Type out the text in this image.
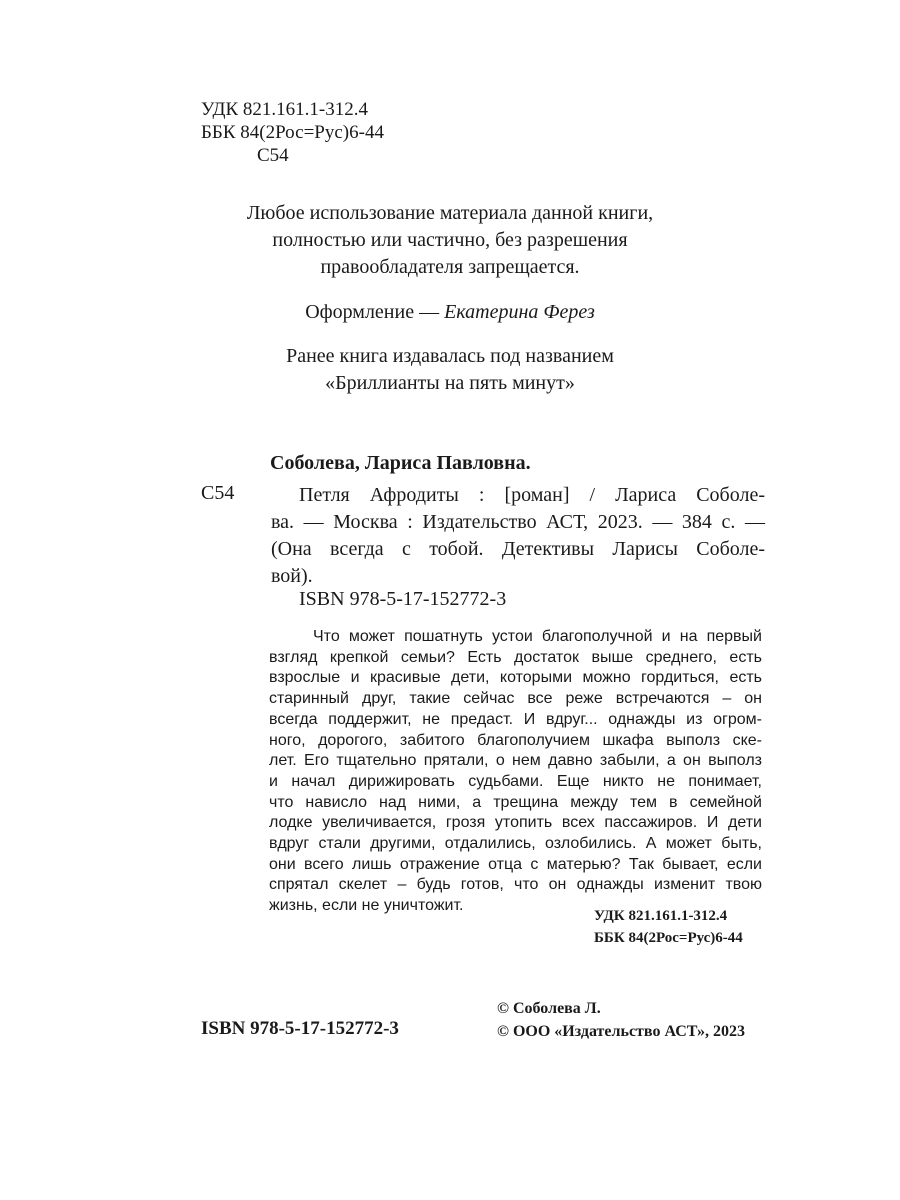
УДК 821.161.1-312.4
ББК 84(2Рос=Рус)6-44
С54
Любое использование материала данной книги,
полностью или частично, без разрешения
правообладателя запрещается.
Оформление — Екатерина Ферез
Ранее книга издавалась под названием
«Бриллианты на пять минут»
Соболева, Лариса Павловна.
С54	Петля Афродиты : [роман] / Лариса Соболе-
ва. — Москва : Издательство АСТ, 2023. — 384 с. —
(Она всегда с тобой. Детективы Ларисы Соболе-
вой).
ISBN 978-5-17-152772-3
Что может пошатнуть устои благополучной и на первый
взгляд крепкой семьи? Есть достаток выше среднего, есть
взрослые и красивые дети, которыми можно гордиться, есть
старинный друг, такие сейчас все реже встречаются – он
всегда поддержит, не предаст. И вдруг... однажды из огром-
ного, дорогого, забитого благополучием шкафа выполз ске-
лет. Его тщательно прятали, о нем давно забыли, а он выполз
и начал дирижировать судьбами. Еще никто не понимает,
что нависло над ними, а трещина между тем в семейной
лодке увеличивается, грозя утопить всех пассажиров. И дети
вдруг стали другими, отдалились, озлобились. А может быть,
они всего лишь отражение отца с матерью? Так бывает, если
спрятал скелет – будь готов, что он однажды изменит твою
жизнь, если не уничтожит.
УДК 821.161.1-312.4
ББК 84(2Рос=Рус)6-44
ISBN 978-5-17-152772-3
© Соболева Л.
© ООО «Издательство АСТ», 2023
